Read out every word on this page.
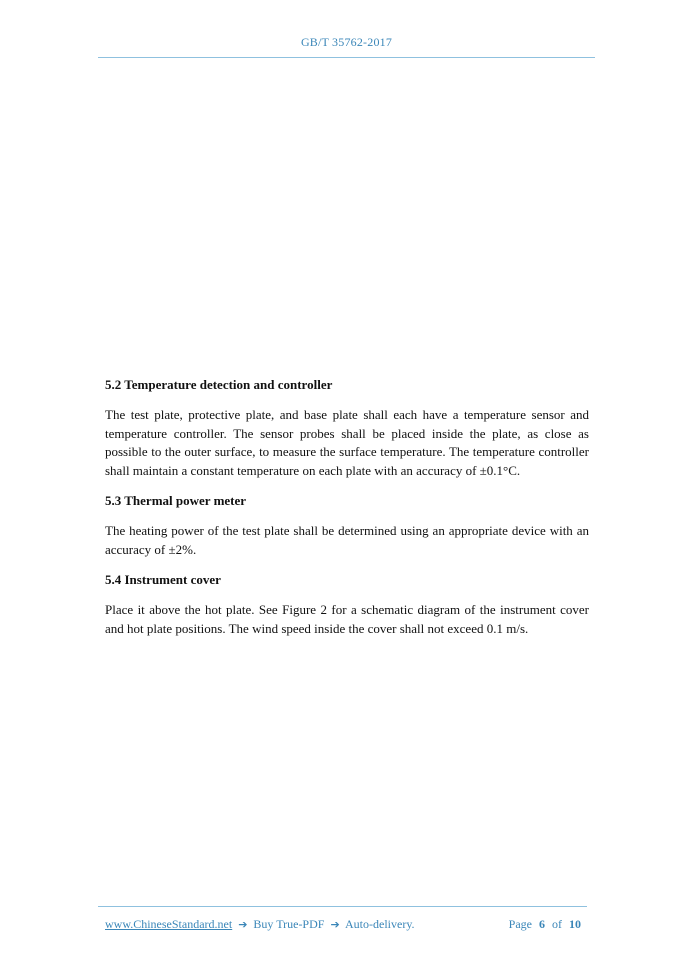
GB/T 35762-2017

5.2 Temperature detection and controller

The test plate, protective plate, and base plate shall each have a temperature sensor and temperature controller. The sensor probes shall be placed inside the plate, as close as possible to the outer surface, to measure the surface temperature. The temperature controller shall maintain a constant temperature on each plate with an accuracy of ±0.1°C.

5.3 Thermal power meter

The heating power of the test plate shall be determined using an appropriate device with an accuracy of ±2%.

5.4 Instrument cover

Place it above the hot plate. See Figure 2 for a schematic diagram of the instrument cover and hot plate positions. The wind speed inside the cover shall not exceed 0.1 m/s.

www.ChineseStandard.net ➔ Buy True-PDF ➔ Auto-delivery.	Page 6 of 10
